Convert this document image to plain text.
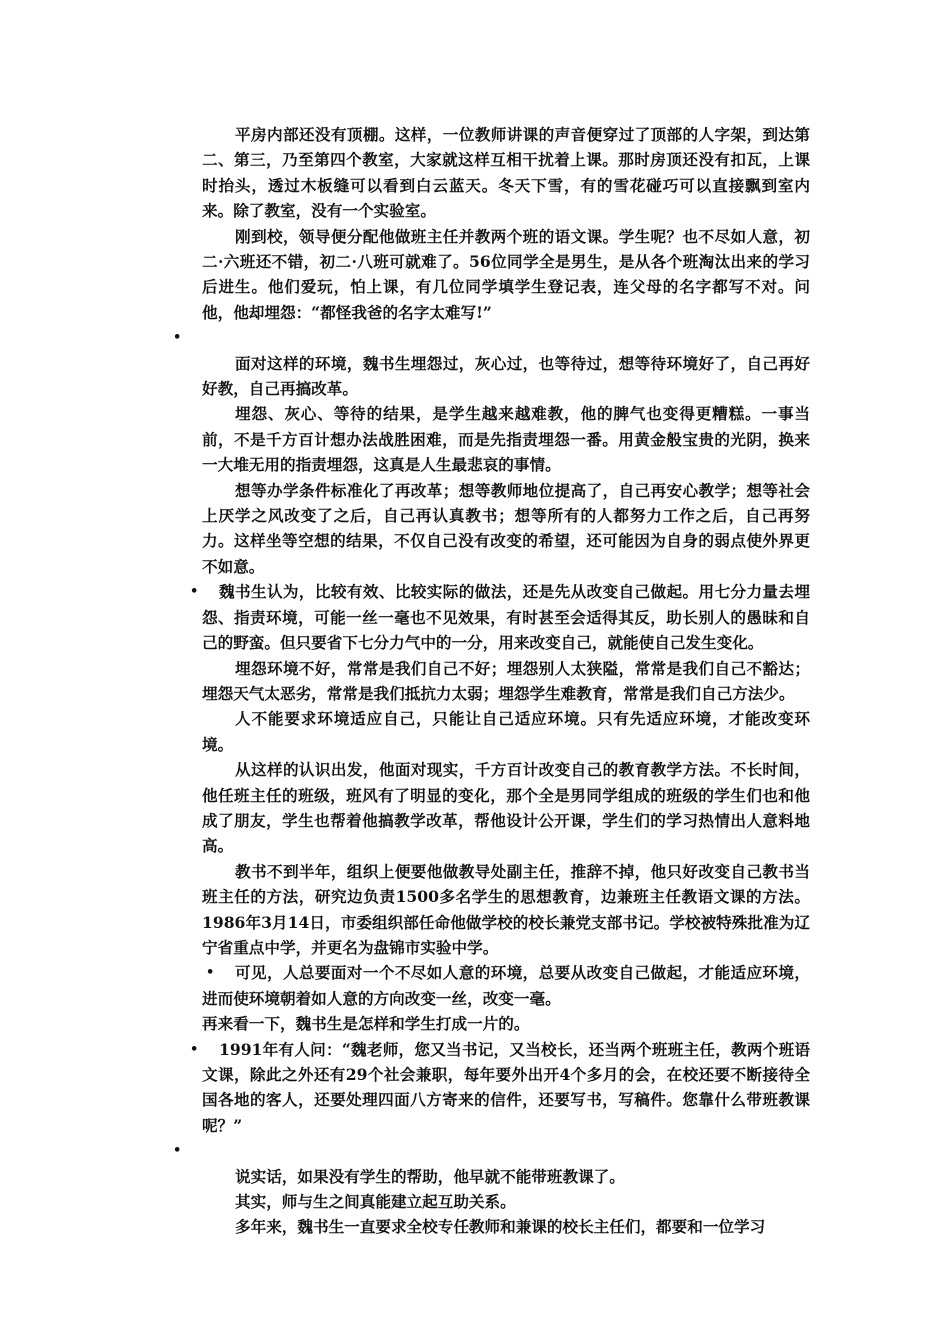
平房内部还没有顶棚。这样，一位教师讲课的声音便穿过了顶部的人字架，到达第二、第三，乃至第四个教室，大家就这样互相干扰着上课。那时房顶还没有扣瓦，上课时抬头，透过木板缝可以看到白云蓝天。冬天下雪，有的雪花碰巧可以直接飘到室内来。除了教室，没有一个实验室。

刚到校，领导便分配他做班主任并教两个班的语文课。学生呢？也不尽如人意，初二·六班还不错，初二·八班可就难了。56位同学全是男生，是从各个班淘汰出来的学习后进生。他们爱玩，怕上课，有几位同学填学生登记表，连父母的名字都写不对。问他，他却埋怨：“都怪我爸的名字太难写!”

•

面对这样的环境，魏书生埋怨过，灰心过，也等待过，想等待环境好了，自己再好好教，自己再搞改革。

埋怨、灰心、等待的结果，是学生越来越难教，他的脾气也变得更糟糕。一事当前，不是千方百计想办法战胜困难，而是先指责埋怨一番。用黄金般宝贵的光阴，换来一大堆无用的指责埋怨，这真是人生最悲哀的事情。

想等办学条件标准化了再改革；想等教师地位提高了，自己再安心教学；想等社会上厌学之风改变了之后，自己再认真教书；想等所有的人都努力工作之后，自己再努力。这样坐等空想的结果，不仅自己没有改变的希望，还可能因为自身的弱点使外界更不如意。

• 魏书生认为，比较有效、比较实际的做法，还是先从改变自己做起。用七分力量去埋怨、指责环境，可能一丝一毫也不见效果，有时甚至会适得其反，助长别人的愚昧和自己的野蛮。但只要省下七分力气中的一分，用来改变自己，就能使自己发生变化。

埋怨环境不好，常常是我们自己不好；埋怨别人太狭隘，常常是我们自己不豁达；埋怨天气太恶劣，常常是我们抵抗力太弱；埋怨学生难教育，常常是我们自己方法少。

人不能要求环境适应自己，只能让自己适应环境。只有先适应环境，才能改变环境。

从这样的认识出发，他面对现实，千方百计改变自己的教育教学方法。不长时间，他任班主任的班级，班风有了明显的变化，那个全是男同学组成的班级的学生们也和他成了朋友，学生也帮着他搞教学改革，帮他设计公开课，学生们的学习热情出人意料地高。

教书不到半年，组织上便要他做教导处副主任，推辞不掉，他只好改变自己教书当班主任的方法，研究边负责1500多名学生的思想教育，边兼班主任教语文课的方法。1986年3月14日，市委组织部任命他做学校的校长兼党支部书记。学校被特殊批准为辽宁省重点中学，并更名为盘锦市实验中学。

• 可见，人总要面对一个不尽如人意的环境，总要从改变自己做起，才能适应环境，进而使环境朝着如人意的方向改变一丝，改变一毫。

再来看一下，魏书生是怎样和学生打成一片的。

• 1991年有人问：“魏老师，您又当书记，又当校长，还当两个班班主任，教两个班语文课，除此之外还有29个社会兼职，每年要外出开4个多月的会，在校还要不断接待全国各地的客人，还要处理四面八方寄来的信件，还要写书，写稿件。您靠什么带班教课呢？”
•

说实话，如果没有学生的帮助，他早就不能带班教课了。

其实，师与生之间真能建立起互助关系。

多年来，魏书生一直要求全校专任教师和兼课的校长主任们，都要和一位学习
